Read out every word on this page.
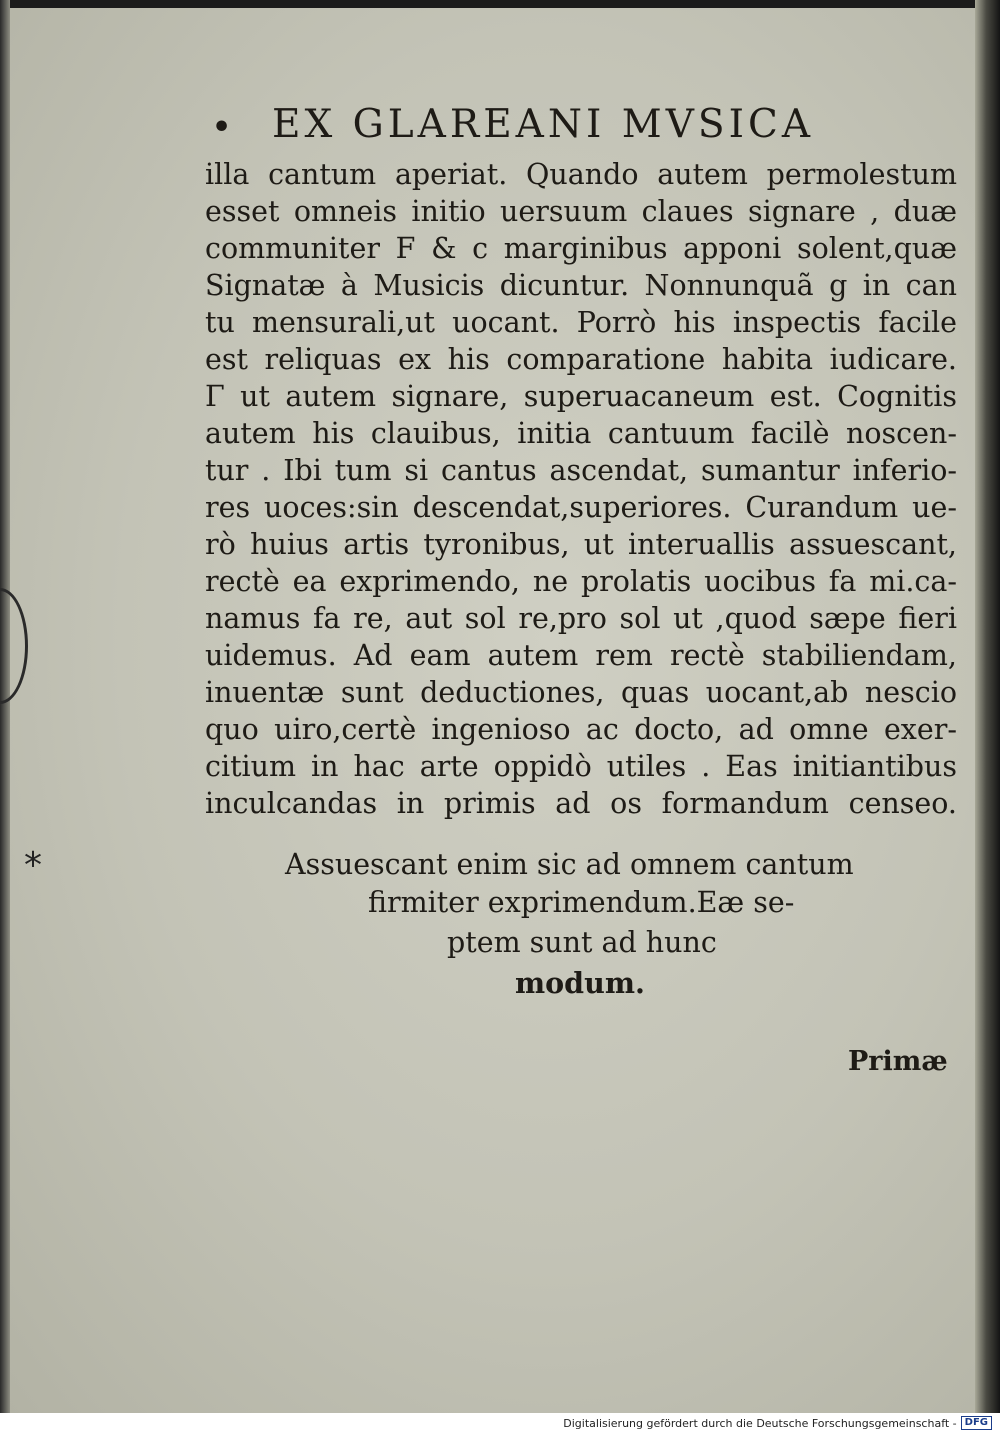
•	EX GLAREANI MVSICA
illa cantum aperiat. Quando autem permolestum
esset omneis initio uersuum claues signare , duæ
communiter F & c marginibus apponi solent,quæ
Signatæ à Musicis dicuntur. Nonnunquã g in can
tu mensurali,ut uocant. Porrò his inspectis facile
est reliquas ex his comparatione habita iudicare.
Γ ut autem signare, superuacaneum est. Cognitis
autem his clauibus, initia cantuum facilè noscen-
tur . Ibi tum si cantus ascendat, sumantur inferio-
res uoces:sin descendat,superiores. Curandum ue-
rò huius artis tyronibus, ut interuallis assuescant,
rectè ea exprimendo, ne prolatis uocibus fa mi.ca-
namus fa re, aut sol re,pro sol ut ,quod sæpe fieri
uidemus. Ad eam autem rem rectè stabiliendam,
inuentæ sunt deductiones, quas uocant,ab nescio
quo uiro,certè ingenioso ac docto, ad omne exer-
citium in hac arte oppidò utiles . Eas initiantibus
inculcandas in primis ad os formandum censeo.
Assuescant enim sic ad omnem cantum
firmiter exprimendum.Eæ se-
ptem sunt ad hunc
modum.
*
Primæ
Digitalisierung gefördert durch die Deutsche Forschungsgemeinschaft - DFG
